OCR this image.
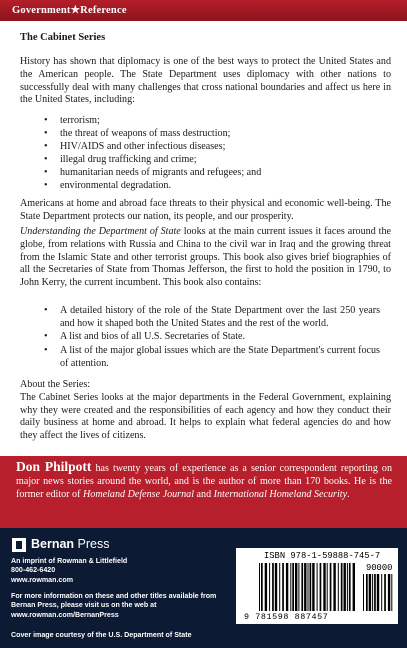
Government★Reference
The Cabinet Series

History has shown that diplomacy is one of the best ways to protect the United States and the American people. The State Department uses diplomacy with other nations to successfully deal with many challenges that cross national boundaries and affect us here in the United States, including:

• terrorism;
• the threat of weapons of mass destruction;
• HIV/AIDS and other infectious diseases;
• illegal drug trafficking and crime;
• humanitarian needs of migrants and refugees; and
• environmental degradation.

Americans at home and abroad face threats to their physical and economic well-being. The State Department protects our nation, its people, and our prosperity.

Understanding the Department of State looks at the main current issues it faces around the globe, from relations with Russia and China to the civil war in Iraq and the growing threat from the Islamic State and other terrorist groups. This book also gives brief biographies of all the Secretaries of State from Thomas Jefferson, the first to hold the position in 1790, to John Kerry, the current incumbent. This book also contains:

• A detailed history of the role of the State Department over the last 250 years and how it shaped both the United States and the rest of the world.
• A list and bios of all U.S. Secretaries of State.
• A list of the major global issues which are the State Department's current focus of attention.

About the Series:
The Cabinet Series looks at the major departments in the Federal Government, explaining why they were created and the responsibilities of each agency and how they conduct their daily business at home and abroad. It helps to explain what federal agencies do and how they affect the lives of citizens.

Don Philpott has twenty years of experience as a senior correspondent reporting on major news stories around the world, and is the author of more than 170 books. He is the former editor of Homeland Defense Journal and International Homeland Security.

Bernan Press
An imprint of Rowman & Littlefield
800-462-6420
www.rowman.com
For more information on these and other titles available from Bernan Press, please visit us on the web at www.rowman.com/BernanPress
Cover image courtesy of the U.S. Department of State
ISBN 978-1-59888-745-7
90000
9 781598 887457
